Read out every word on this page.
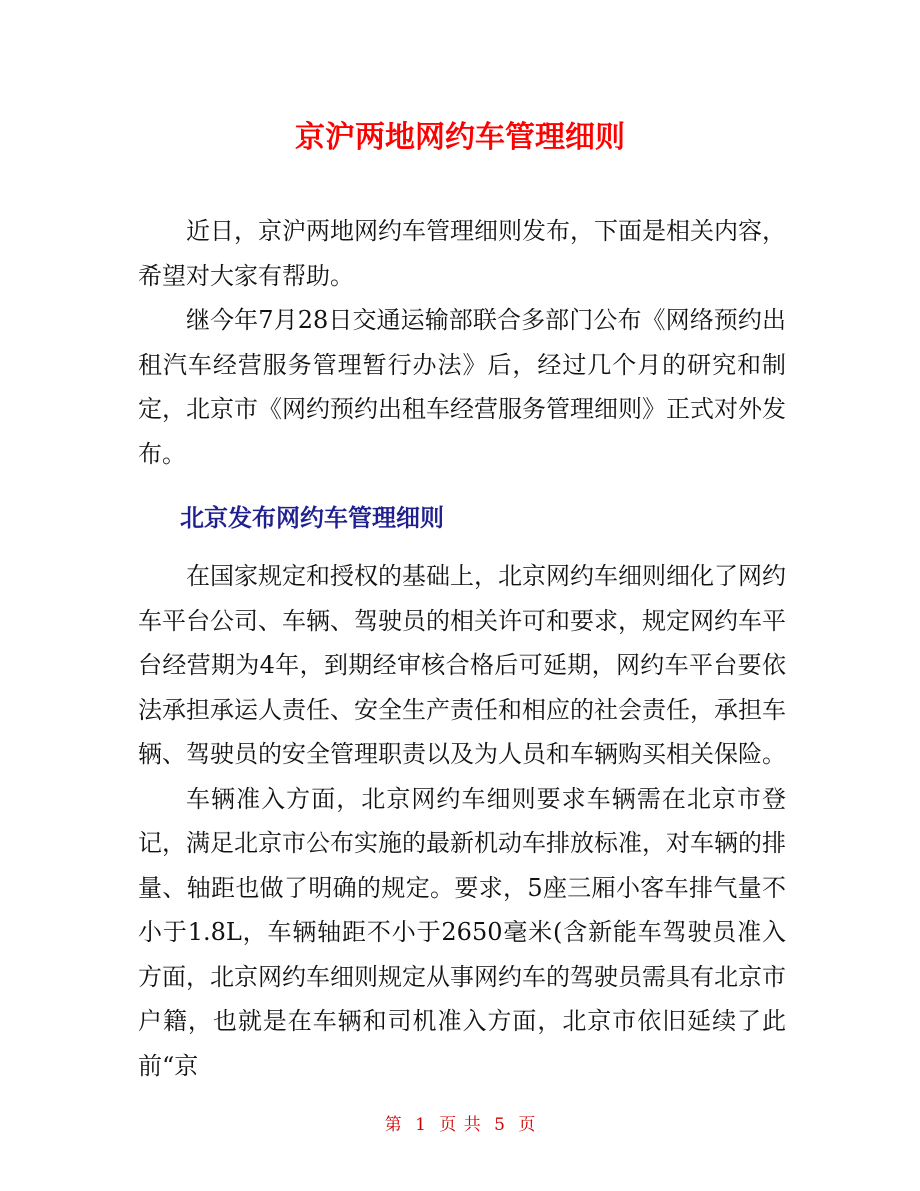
京沪两地网约车管理细则

近日，京沪两地网约车管理细则发布，下面是相关内容，希望对大家有帮助。

继今年7月28日交通运输部联合多部门公布《网络预约出租汽车经营服务管理暂行办法》后，经过几个月的研究和制定，北京市《网约预约出租车经营服务管理细则》正式对外发布。

北京发布网约车管理细则

在国家规定和授权的基础上，北京网约车细则细化了网约车平台公司、车辆、驾驶员的相关许可和要求，规定网约车平台经营期为4年，到期经审核合格后可延期，网约车平台要依法承担承运人责任、安全生产责任和相应的社会责任，承担车辆、驾驶员的安全管理职责以及为人员和车辆购买相关保险。

车辆准入方面，北京网约车细则要求车辆需在北京市登记，满足北京市公布实施的最新机动车排放标准，对车辆的排量、轴距也做了明确的规定。要求，5座三厢小客车排气量不小于1.8L，车辆轴距不小于2650毫米(含新能车驾驶员准入方面，北京网约车细则规定从事网约车的驾驶员需具有北京市户籍，也就是在车辆和司机准入方面，北京市依旧延续了此前“京

第 1 页 共 5 页
